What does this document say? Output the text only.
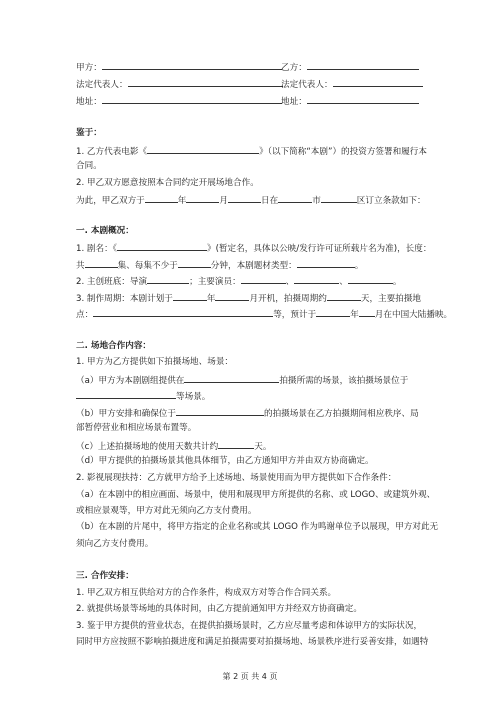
甲方：	乙方：
法定代表人：	法定代表人：
地址：	地址：
鉴于：
1. 乙方代表电影《	》（以下简称“本剧”）的投资方签署和履行本
合同。
2. 甲乙双方愿意按照本合同约定开展场地合作。
为此，甲乙双方于	年	月	日在	市	区订立条款如下：
一. 本剧概况：
1. 剧名：《	》(暂定名，具体以公映/发行许可证所载片名为准)，长度：
共	集、每集不少于	分钟，本剧题材类型：	。
2. 主创班底：导演	；主要演员：	、	、	。
3. 制作周期：本剧计划于	年	月开机，拍摄周期约	天，主要拍摄地
点：	等，预计于	年 月在中国大陆播映。
二. 场地合作内容：
1. 甲方为乙方提供如下拍摄场地、场景：
（a）甲方为本剧剧组提供在	拍摄所需的场景，该拍摄场景位于
等场景。
（b）甲方安排和确保位于	的拍摄场景在乙方拍摄期间相应秩序、局
部暂停营业和相应场景布置等。
（c）上述拍摄场地的使用天数共计约	天。
（d）甲方提供的拍摄场景其他具体细节，由乙方通知甲方并由双方协商确定。
2. 影视展现扶持：乙方就甲方给予上述场地、场景使用而为甲方提供如下合作条件：
（a）在本剧中的相应画面、场景中，使用和展现甲方所提供的名称、或 LOGO、或建筑外观、
或相应景观等，甲方对此无须向乙方支付费用。
（b）在本剧的片尾中，将甲方指定的企业名称或其 LOGO 作为鸣谢单位予以展现，甲方对此无
须向乙方支付费用。
三. 合作安排：
1. 甲乙双方相互供给对方的合作条件，构成双方对等合作合同关系。
2. 就提供场景等场地的具体时间，由乙方提前通知甲方并经双方协商确定。
3. 鉴于甲方提供的营业状态，在提供拍摄场景时，乙方应尽量考虑和体谅甲方的实际状况，
同时甲方应按照不影响拍摄进度和满足拍摄需要对拍摄场地、场景秩序进行妥善安排，如遇特
第 2 页 共 4 页
